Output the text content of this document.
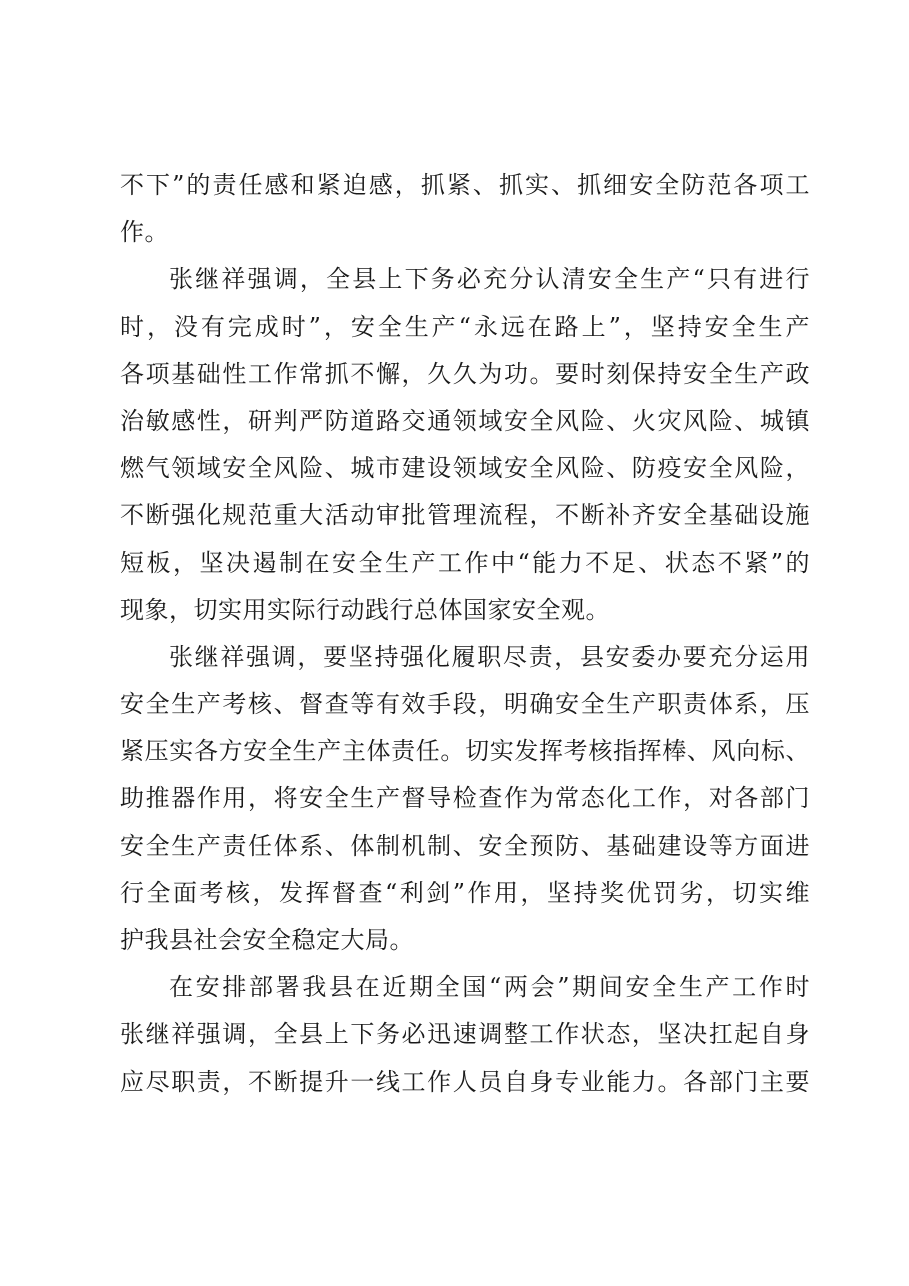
不下”的责任感和紧迫感，抓紧、抓实、抓细安全防范各项工
作。

张继祥强调，全县上下务必充分认清安全生产“只有进行
时，没有完成时”，安全生产“永远在路上”，坚持安全生产
各项基础性工作常抓不懈，久久为功。要时刻保持安全生产政
治敏感性，研判严防道路交通领域安全风险、火灾风险、城镇
燃气领域安全风险、城市建设领域安全风险、防疫安全风险，
不断强化规范重大活动审批管理流程，不断补齐安全基础设施
短板，坚决遏制在安全生产工作中“能力不足、状态不紧”的
现象，切实用实际行动践行总体国家安全观。

张继祥强调，要坚持强化履职尽责，县安委办要充分运用
安全生产考核、督查等有效手段，明确安全生产职责体系，压
紧压实各方安全生产主体责任。切实发挥考核指挥棒、风向标、
助推器作用，将安全生产督导检查作为常态化工作，对各部门
安全生产责任体系、体制机制、安全预防、基础建设等方面进
行全面考核，发挥督查“利剑”作用，坚持奖优罚劣，切实维
护我县社会安全稳定大局。

在安排部署我县在近期全国“两会”期间安全生产工作时
张继祥强调，全县上下务必迅速调整工作状态，坚决扛起自身
应尽职责，不断提升一线工作人员自身专业能力。各部门主要
